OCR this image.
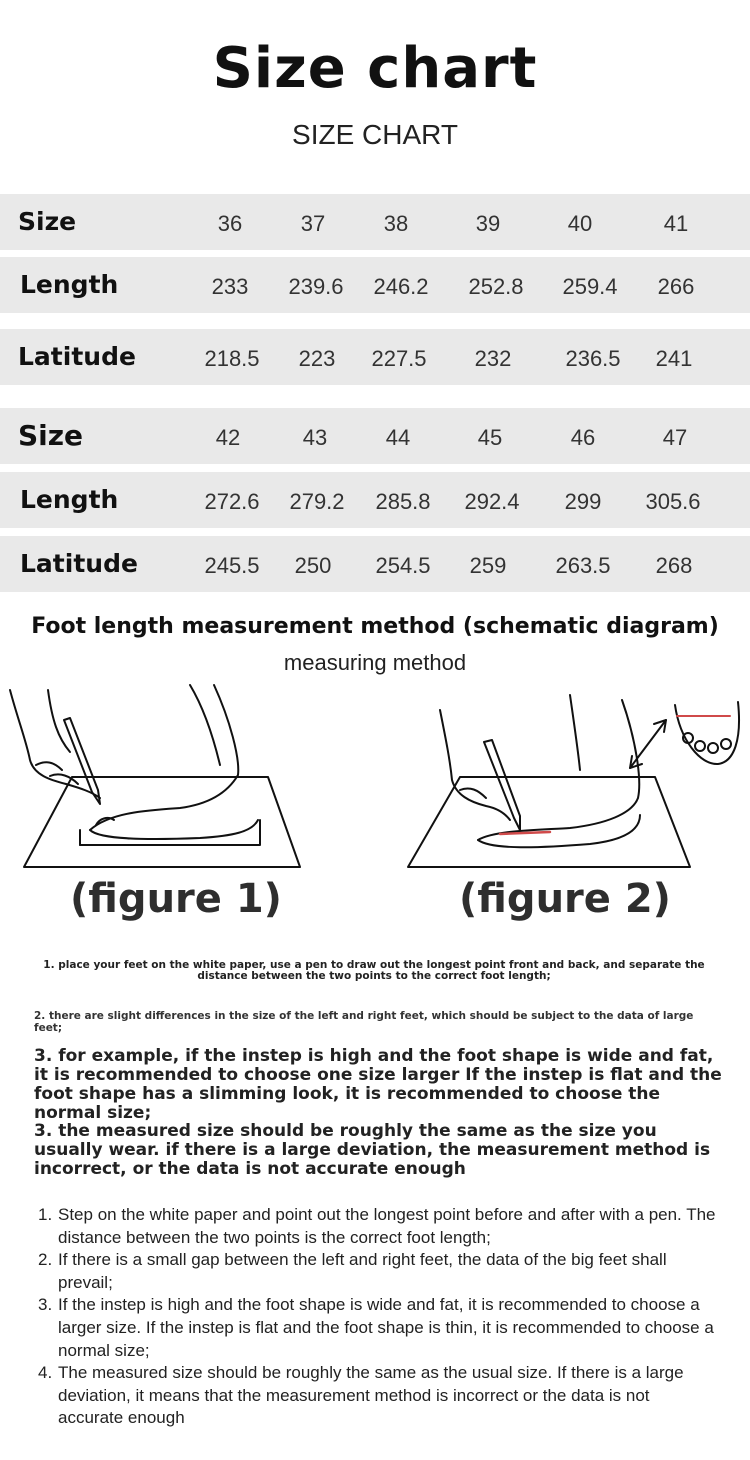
Size chart
SIZE CHART
Size	36	37	38	39	40	41
Length	233	239.6	246.2	252.8	259.4	266
Latitude	218.5	223	227.5	232	236.5	241
Size	42	43	44	45	46	47
Length	272.6	279.2	285.8	292.4	299	305.6
Latitude	245.5	250	254.5	259	263.5	268
Foot length measurement method (schematic diagram)
measuring method
(figure 1)	(figure 2)
1. place your feet on the white paper, use a pen to draw out the longest point front and back, and separate the distance between the two points to the correct foot length;
2. there are slight differences in the size of the left and right feet, which should be subject to the data of large feet;
3. for example, if the instep is high and the foot shape is wide and fat, it is recommended to choose one size larger If the instep is flat and the foot shape has a slimming look, it is recommended to choose the normal size;
3. the measured size should be roughly the same as the size you usually wear. if there is a large deviation, the measurement method is incorrect, or the data is not accurate enough
1. Step on the white paper and point out the longest point before and after with a pen. The distance between the two points is the correct foot length;
2. If there is a small gap between the left and right feet, the data of the big feet shall prevail;
3. If the instep is high and the foot shape is wide and fat, it is recommended to choose a larger size. If the instep is flat and the foot shape is thin, it is recommended to choose a normal size;
4. The measured size should be roughly the same as the usual size. If there is a large deviation, it means that the measurement method is incorrect or the data is not accurate enough
